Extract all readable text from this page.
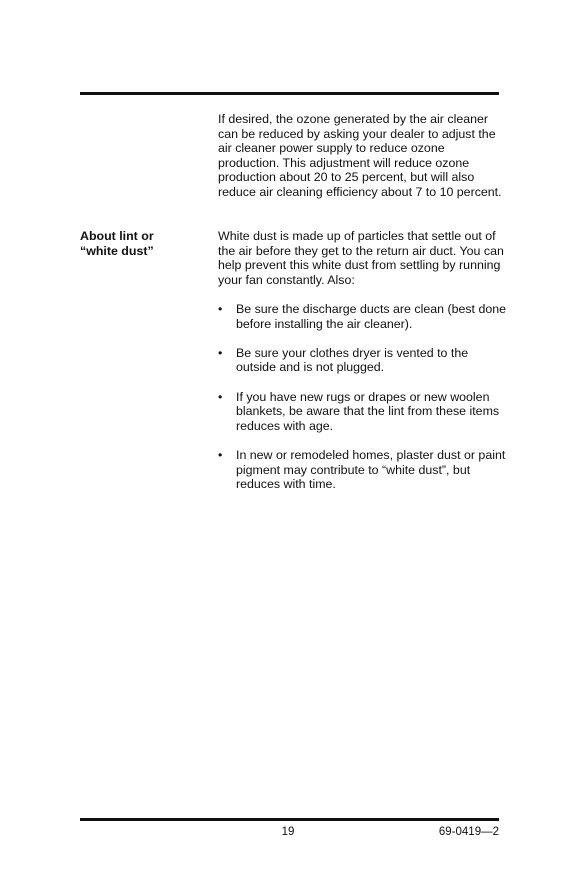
If desired, the ozone generated by the air cleaner can be reduced by asking your dealer to adjust the air cleaner power supply to reduce ozone production. This adjustment will reduce ozone production about 20 to 25 percent, but will also reduce air cleaning efficiency about 7 to 10 percent.

About lint or
“white dust”

White dust is made up of particles that settle out of the air before they get to the return air duct. You can help prevent this white dust from settling by running your fan constantly. Also:

•	Be sure the discharge ducts are clean (best done before installing the air cleaner).
•	Be sure your clothes dryer is vented to the outside and is not plugged.
•	If you have new rugs or drapes or new woolen blankets, be aware that the lint from these items reduces with age.
•	In new or remodeled homes, plaster dust or paint pigment may contribute to “white dust”, but reduces with time.
19	69-0419—2
